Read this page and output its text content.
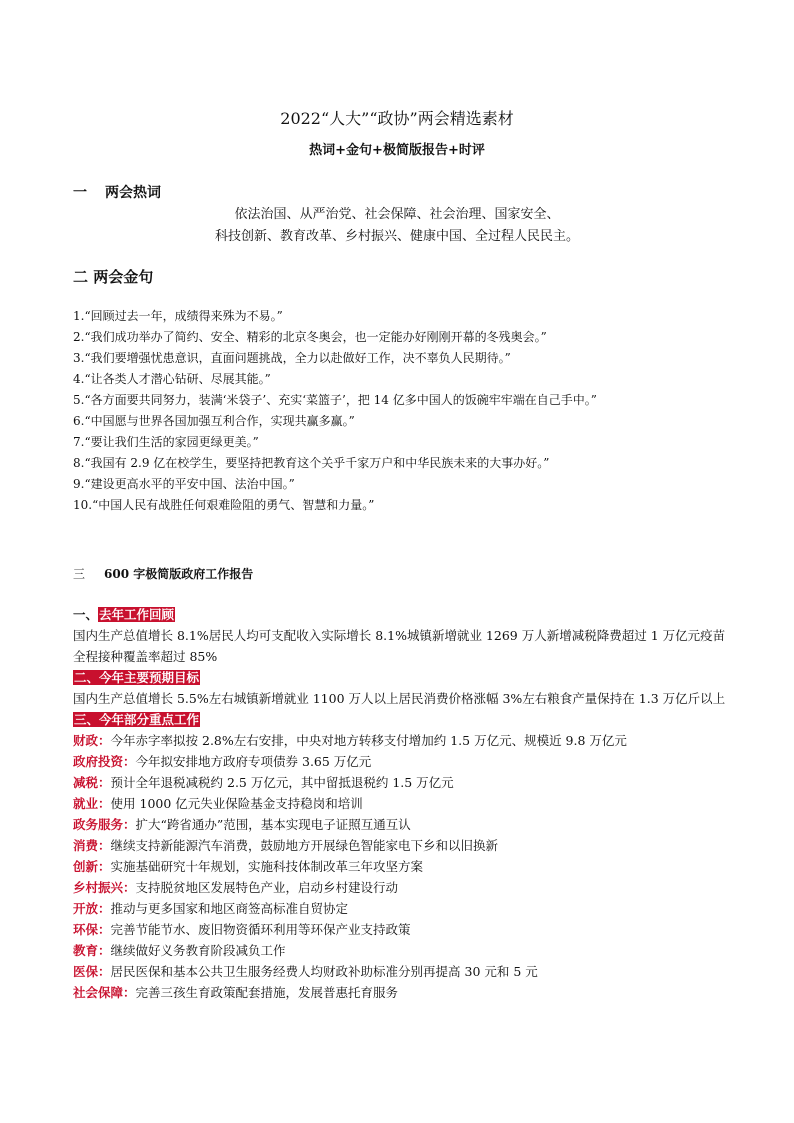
2022“人大”“政协”两会精选素材
热词+金句+极简版报告+时评
一 两会热词
依法治国、从严治党、社会保障、社会治理、国家安全、
科技创新、教育改革、乡村振兴、健康中国、全过程人民民主。
二 两会金句
1.“回顾过去一年，成绩得来殊为不易。”
2.“我们成功举办了简约、安全、精彩的北京冬奥会，也一定能办好刚刚开幕的冬残奥会。”
3.“我们要增强忧患意识，直面问题挑战，全力以赴做好工作，决不辜负人民期待。”
4.“让各类人才潜心钻研、尽展其能。”
5.“各方面要共同努力，装满‘米袋子’、充实‘菜篮子’，把 14 亿多中国人的饭碗牢牢端在自己手中。”
6.“中国愿与世界各国加强互利合作，实现共赢多赢。”
7.“要让我们生活的家园更绿更美。”
8.“我国有 2.9 亿在校学生，要坚持把教育这个关乎千家万户和中华民族未来的大事办好。”
9.“建设更高水平的平安中国、法治中国。”
10.“中国人民有战胜任何艰难险阻的勇气、智慧和力量。”
三 600 字极简版政府工作报告
一、去年工作回顾
国内生产总值增长 8.1%居民人均可支配收入实际增长 8.1%城镇新增就业 1269 万人新增减税降费超过 1 万亿元疫苗全程接种覆盖率超过 85%
二、今年主要预期目标
国内生产总值增长 5.5%左右城镇新增就业 1100 万人以上居民消费价格涨幅 3%左右粮食产量保持在 1.3 万亿斤以上
三、今年部分重点工作
财政：今年赤字率拟按 2.8%左右安排，中央对地方转移支付增加约 1.5 万亿元、规模近 9.8 万亿元
政府投资：今年拟安排地方政府专项债券 3.65 万亿元
减税：预计全年退税减税约 2.5 万亿元，其中留抵退税约 1.5 万亿元
就业：使用 1000 亿元失业保险基金支持稳岗和培训
政务服务：扩大“跨省通办”范围，基本实现电子证照互通互认
消费：继续支持新能源汽车消费，鼓励地方开展绿色智能家电下乡和以旧换新
创新：实施基础研究十年规划，实施科技体制改革三年攻坚方案
乡村振兴：支持脱贫地区发展特色产业，启动乡村建设行动
开放：推动与更多国家和地区商签高标准自贸协定
环保：完善节能节水、废旧物资循环利用等环保产业支持政策
教育：继续做好义务教育阶段减负工作
医保：居民医保和基本公共卫生服务经费人均财政补助标准分别再提高 30 元和 5 元
社会保障：完善三孩生育政策配套措施，发展普惠托育服务
